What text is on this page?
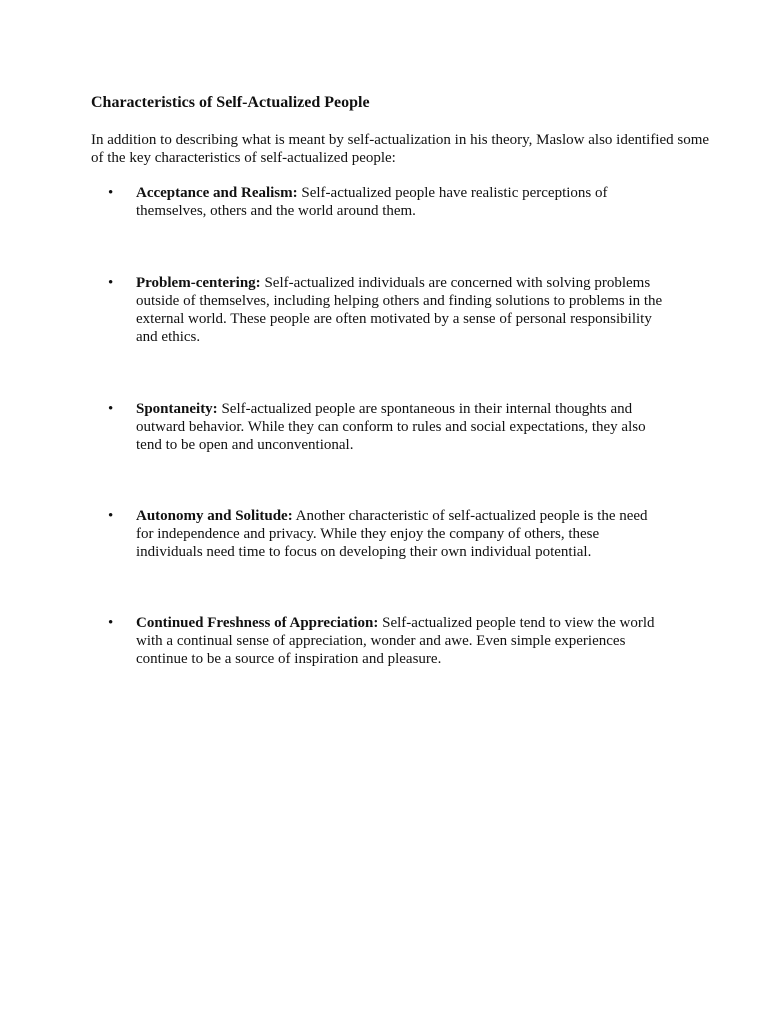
Characteristics of Self-Actualized People

In addition to describing what is meant by self-actualization in his theory, Maslow also identified some of the key characteristics of self-actualized people:

• Acceptance and Realism: Self-actualized people have realistic perceptions of themselves, others and the world around them.

• Problem-centering: Self-actualized individuals are concerned with solving problems outside of themselves, including helping others and finding solutions to problems in the external world. These people are often motivated by a sense of personal responsibility and ethics.

• Spontaneity: Self-actualized people are spontaneous in their internal thoughts and outward behavior. While they can conform to rules and social expectations, they also tend to be open and unconventional.

• Autonomy and Solitude: Another characteristic of self-actualized people is the need for independence and privacy. While they enjoy the company of others, these individuals need time to focus on developing their own individual potential.

• Continued Freshness of Appreciation: Self-actualized people tend to view the world with a continual sense of appreciation, wonder and awe. Even simple experiences continue to be a source of inspiration and pleasure.
